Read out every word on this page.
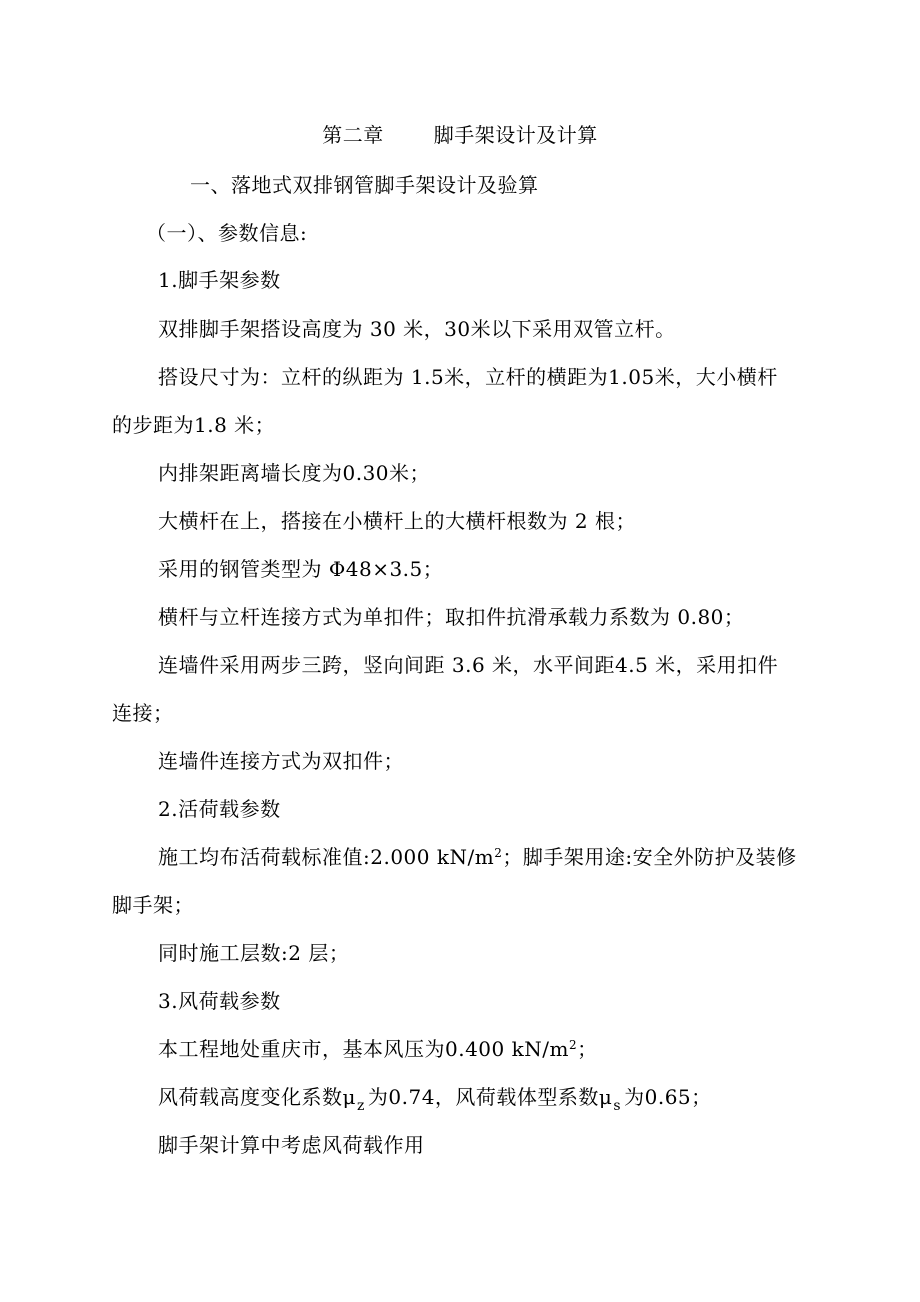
第二章	脚手架设计及计算
一、落地式双排钢管脚手架设计及验算
（一）、参数信息:
1.脚手架参数
双排脚手架搭设高度为 30 米，30米以下采用双管立杆。
搭设尺寸为：立杆的纵距为 1.5米，立杆的横距为1.05米，大小横杆
的步距为1.8 米；
内排架距离墙长度为0.30米；
大横杆在上，搭接在小横杆上的大横杆根数为 2 根；
采用的钢管类型为 Φ48×3.5；
横杆与立杆连接方式为单扣件；取扣件抗滑承载力系数为 0.80；
连墙件采用两步三跨，竖向间距 3.6 米，水平间距4.5 米，采用扣件
连接；
连墙件连接方式为双扣件；
2.活荷载参数
施工均布活荷载标准值:2.000 $kN/m^2$；脚手架用途:安全外防护及装修
脚手架；
同时施工层数:2 层；
3.风荷载参数
本工程地处重庆市，基本风压为0.400 $kN/m^2$；
风荷载高度变化系数$\mu_z$ 为0.74，风荷载体型系数$\mu_s$ 为0.65；
脚手架计算中考虑风荷载作用
